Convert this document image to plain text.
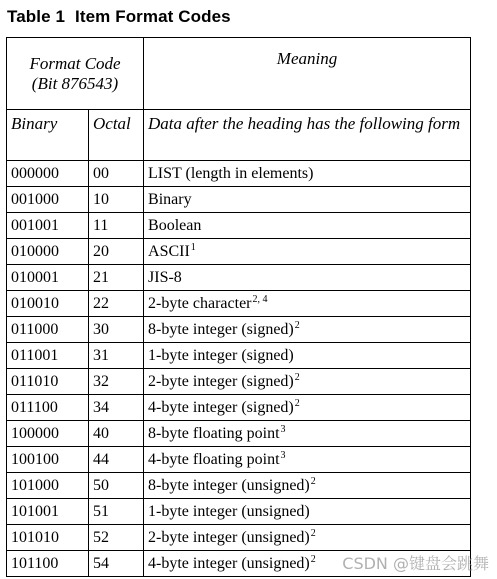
Table 1 Item Format Codes
Format Code
(Bit 876543)		Meaning
Binary	Octal	Data after the heading has the following form
000000	00	LIST (length in elements)
001000	10	Binary
001001	11	Boolean
010000	20	ASCII$^1$
010001	21	JIS-8
010010	22	2-byte character$^{2, 4}$
011000	30	8-byte integer (signed)$^2$
011001	31	1-byte integer (signed)
011010	32	2-byte integer (signed)$^2$
011100	34	4-byte integer (signed)$^2$
100000	40	8-byte floating point$^3$
100100	44	4-byte floating point$^3$
101000	50	8-byte integer (unsigned)$^2$
101001	51	1-byte integer (unsigned)
101010	52	2-byte integer (unsigned)$^2$
101100	54	4-byte integer (unsigned)$^2$ CSDN @键盘会跳舞
